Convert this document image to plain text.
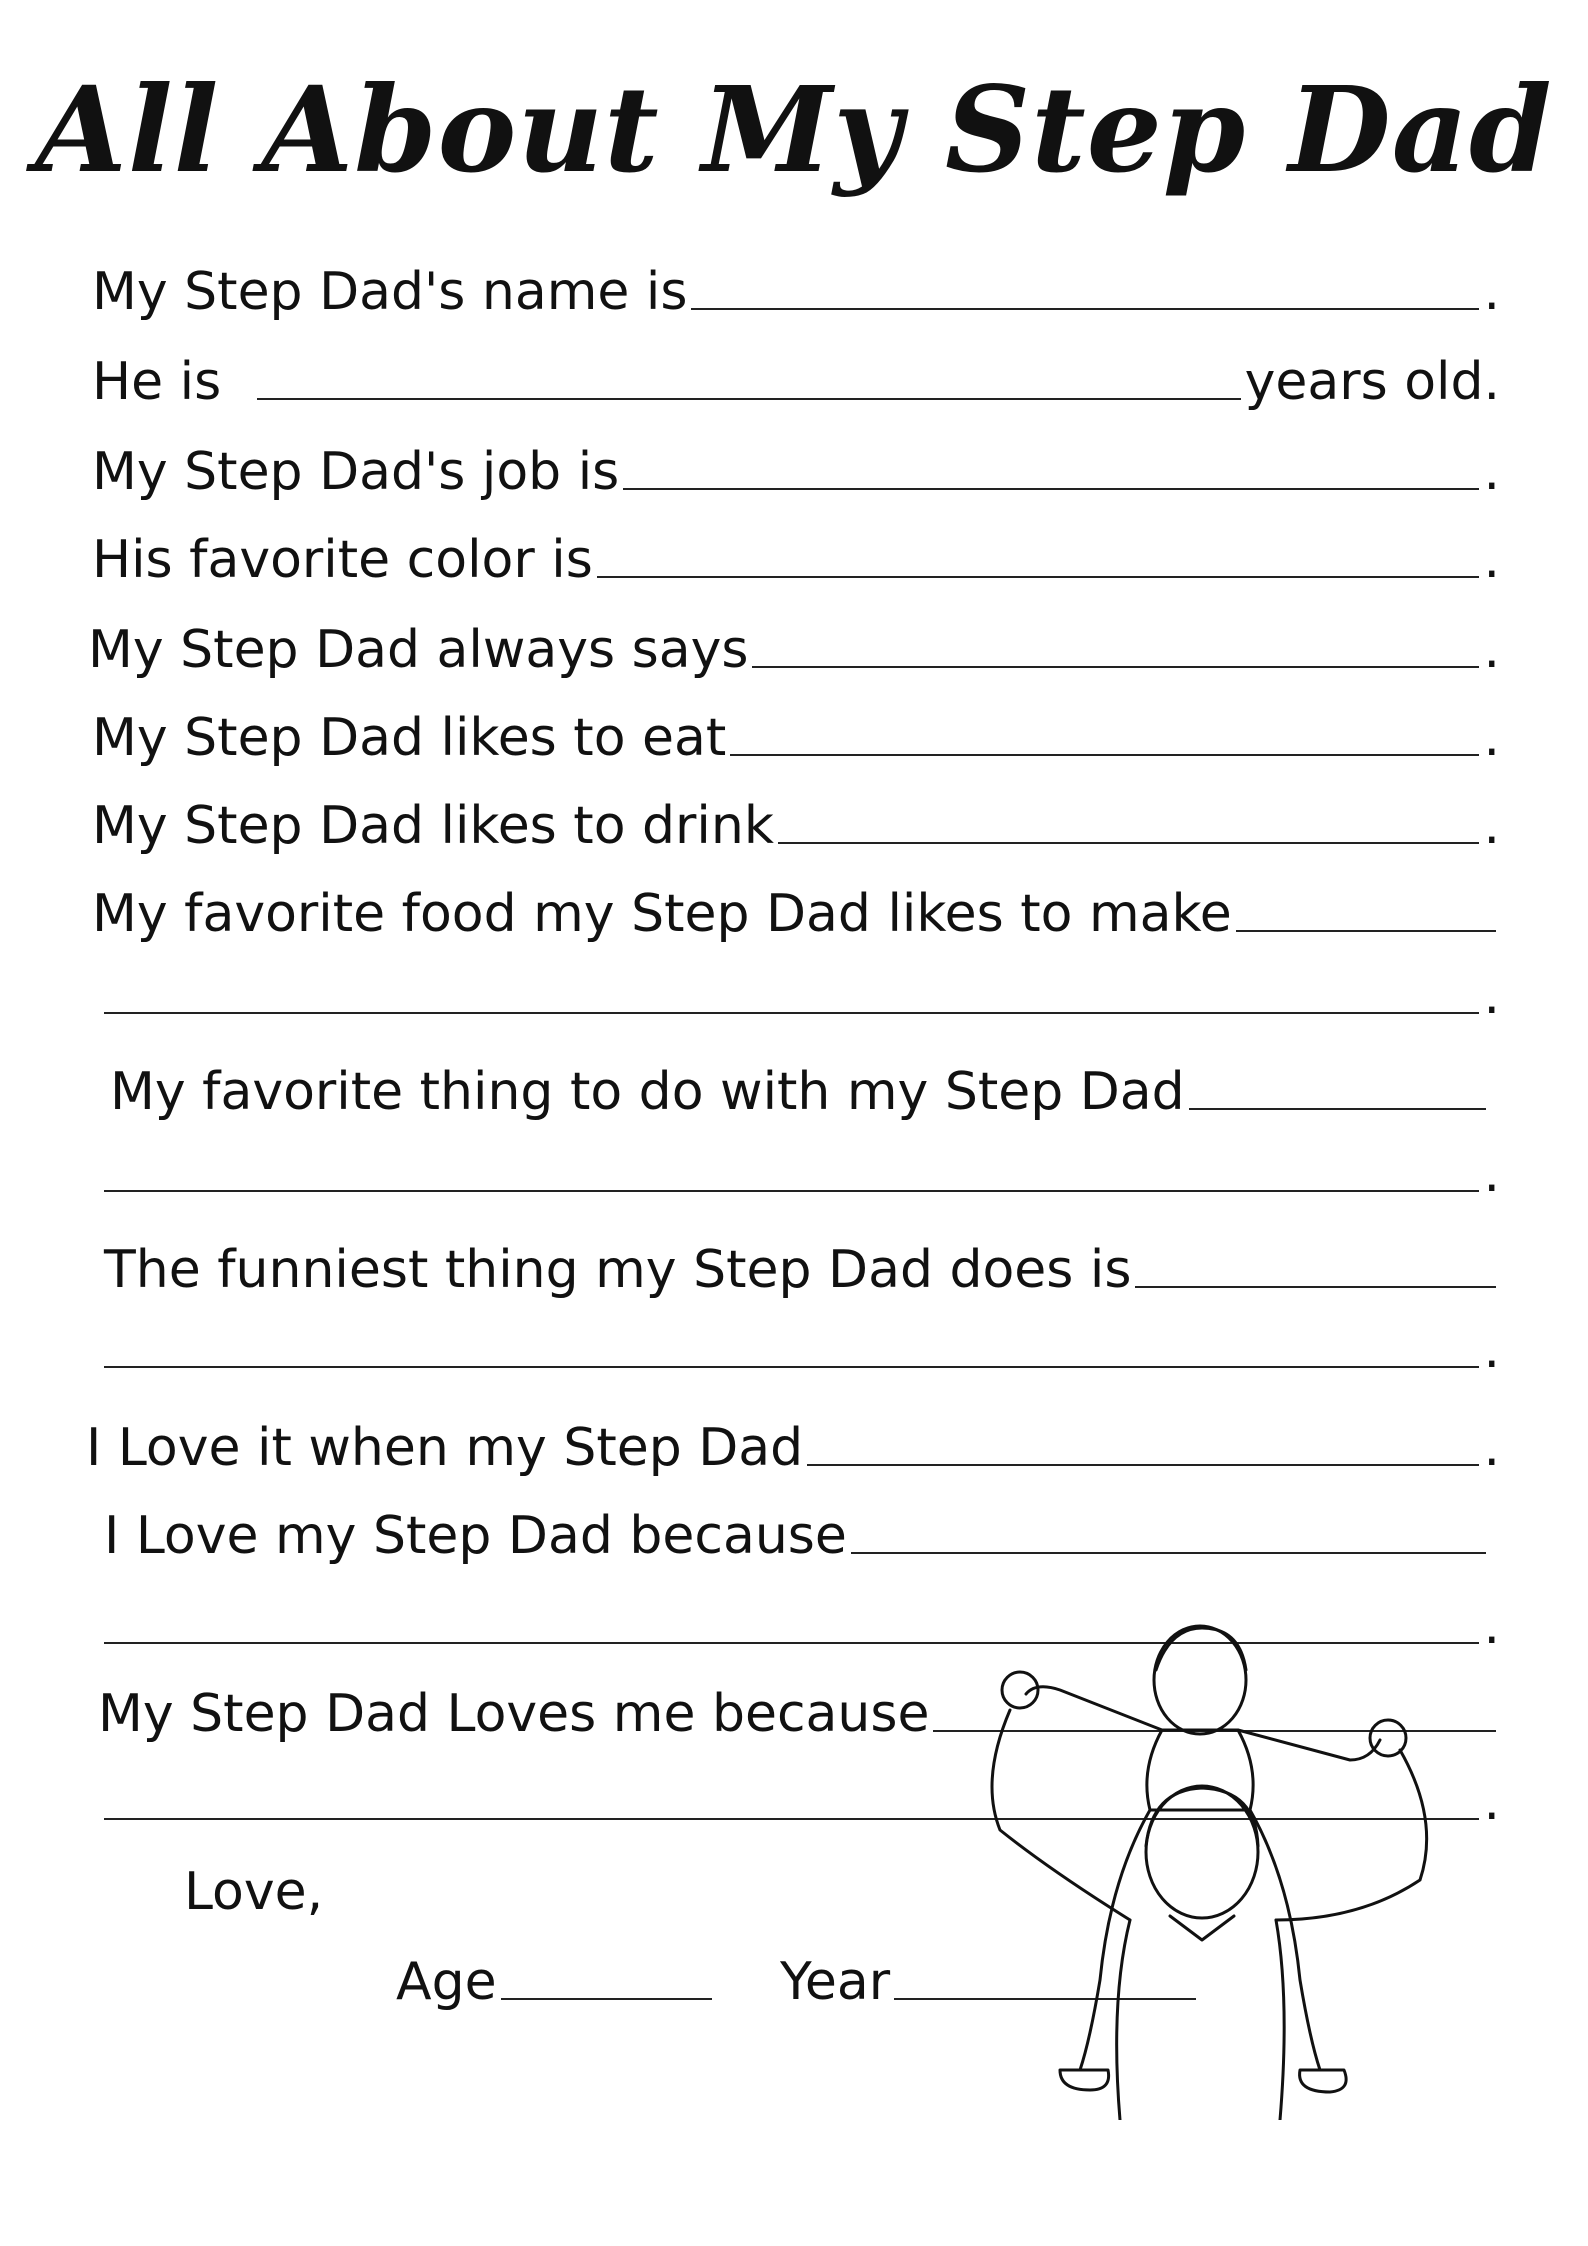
All About My Step Dad
My Step Dad's name is	.
He is	years old.
My Step Dad's job is	.
His favorite color is	.
My Step Dad always says	.
My Step Dad likes to eat	.
My Step Dad likes to drink	.
My favorite food my Step Dad likes to make
.
My favorite thing to do with my Step Dad
.
The funniest thing my Step Dad does is
.
I Love it when my Step Dad	.
I Love my Step Dad because
.
My Step Dad Loves me because
.
Love,
Age	Year
